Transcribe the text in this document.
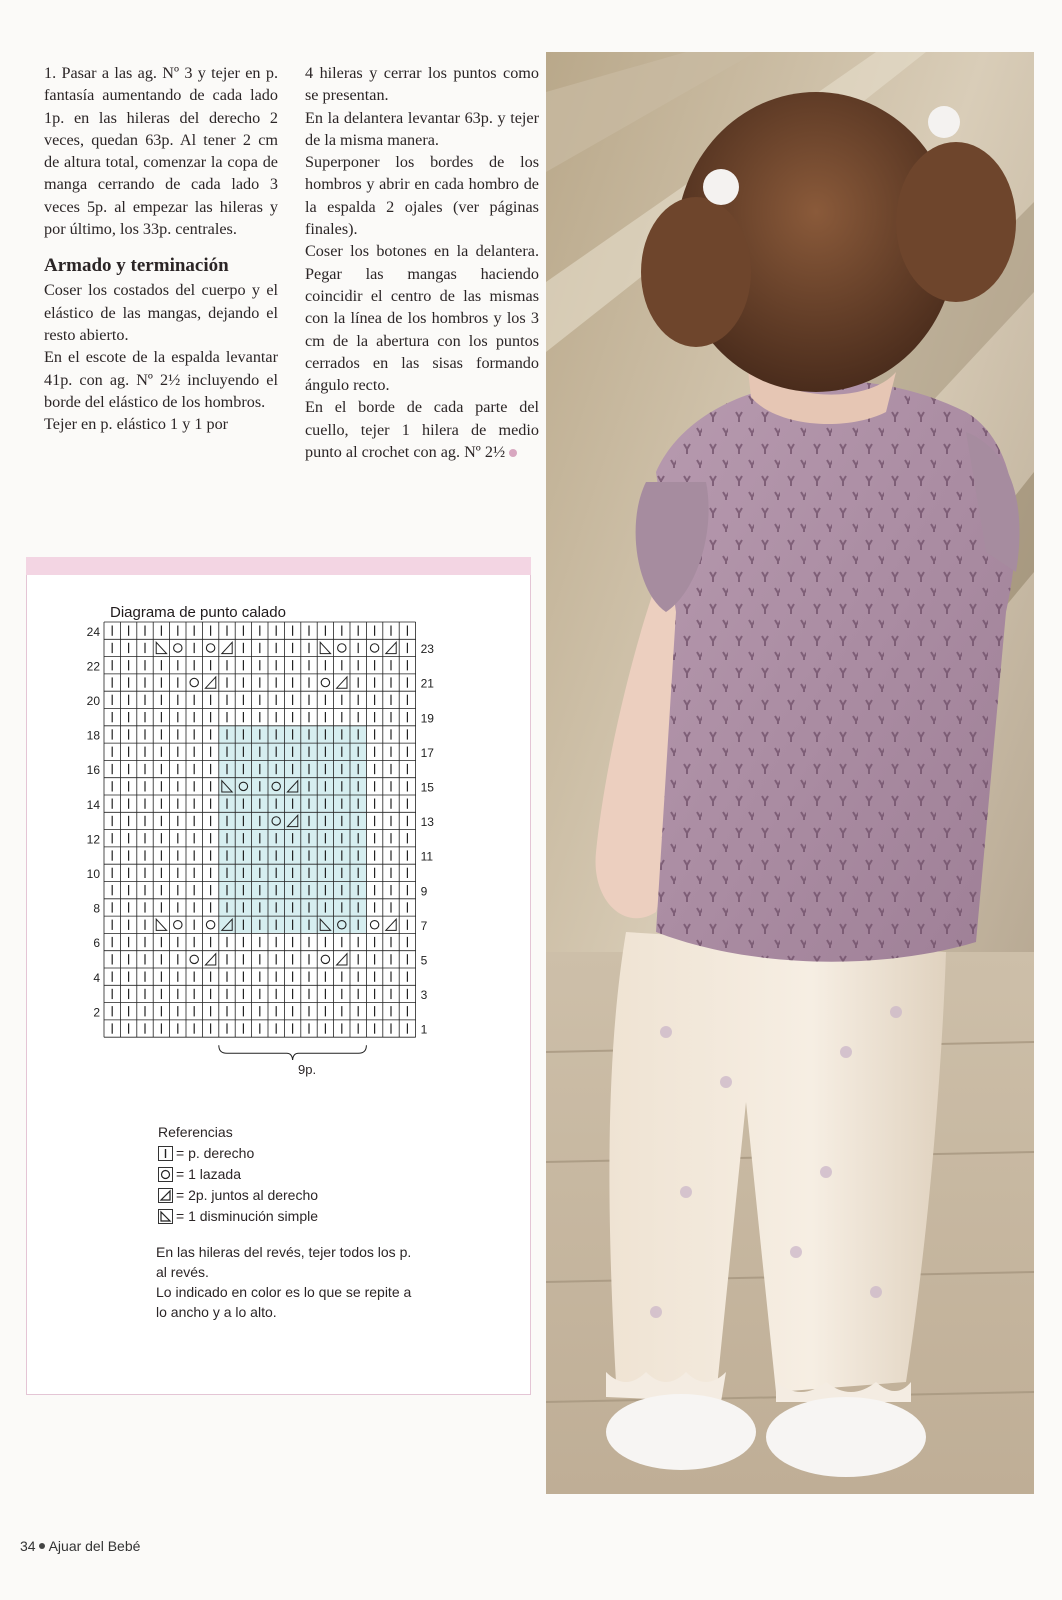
1. Pasar a las ag. Nº 3 y tejer en p. fantasía aumentando de cada lado 1p. en las hileras del derecho 2 veces, quedan 63p. Al tener 2 cm de altura total, comenzar la copa de manga cerrando de cada lado 3 veces 5p. al empezar las hileras y por último, los 33p. centrales.

Armado y terminación

Coser los costados del cuerpo y el elástico de las mangas, dejando el resto abierto.

En el escote de la espalda levantar 41p. con ag. Nº 2½ incluyendo el borde del elástico de los hombros.

Tejer en p. elástico 1 y 1 por

4 hileras y cerrar los puntos como se presentan.

En la delantera levantar 63p. y tejer de la misma manera.

Superponer los bordes de los hombros y abrir en cada hombro de la espalda 2 ojales (ver páginas finales).

Coser los botones en la delantera. Pegar las mangas haciendo coincidir el centro de las mismas con la línea de los hombros y los 3 cm de la abertura con los puntos cerrados en las sisas formando ángulo recto.

En el borde de cada parte del cuello, tejer 1 hilera de medio punto al crochet con ag. Nº 2½

Diagrama de punto calado
24
22
20
18
16
14
12
10
8
6
4
2
23
21
19
17
15
13
11
9
7
5
3
1
9p.
Referencias
= p. derecho
= 1 lazada
= 2p. juntos al derecho
= 1 disminución simple

En las hileras del revés, tejer todos los p. al revés.

Lo indicado en color es lo que se repite a lo ancho y a lo alto.

34 Ajuar del Bebé
